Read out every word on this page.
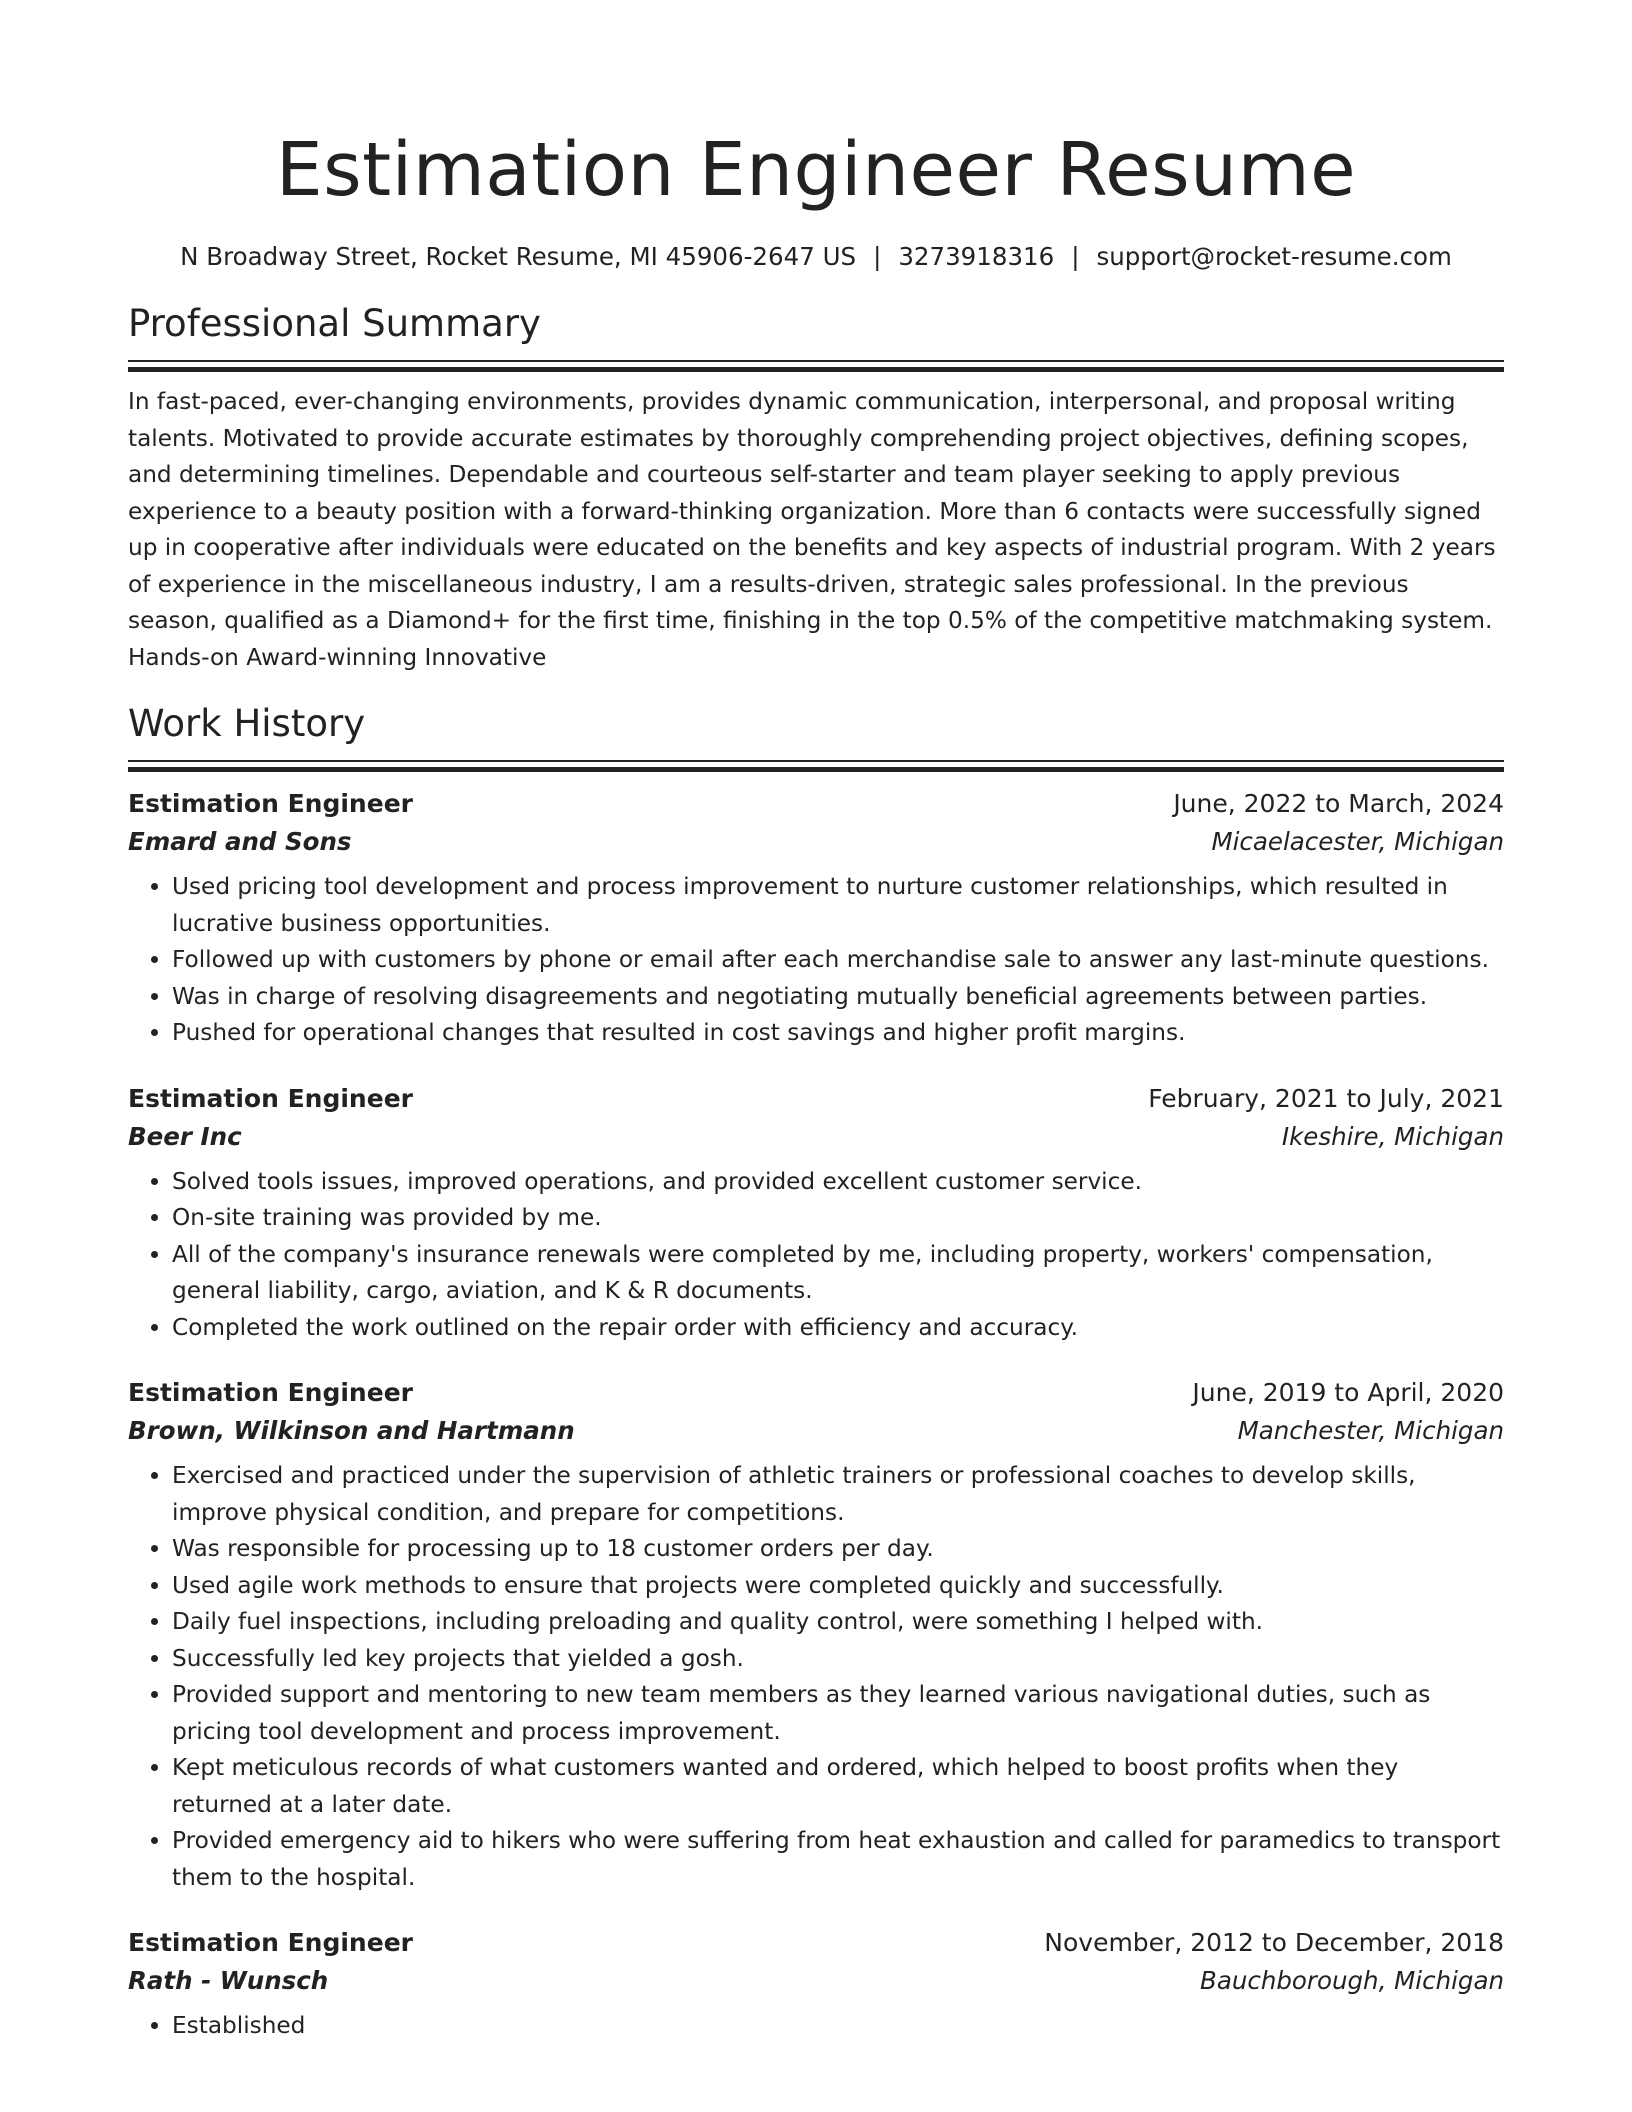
Estimation Engineer Resume
N Broadway Street, Rocket Resume, MI 45906-2647 US | 3273918316 | support@rocket-resume.com
Professional Summary

In fast-paced, ever-changing environments, provides dynamic communication, interpersonal, and proposal writing talents. Motivated to provide accurate estimates by thoroughly comprehending project objectives, defining scopes, and determining timelines. Dependable and courteous self-starter and team player seeking to apply previous experience to a beauty position with a forward-thinking organization. More than 6 contacts were successfully signed up in cooperative after individuals were educated on the benefits and key aspects of industrial program. With 2 years of experience in the miscellaneous industry, I am a results-driven, strategic sales professional. In the previous season, qualified as a Diamond+ for the first time, finishing in the top 0.5% of the competitive matchmaking system. Hands-on Award-winning Innovative

Work History
Estimation Engineer	June, 2022 to March, 2024
Emard and Sons	Micaelacester, Michigan
• Used pricing tool development and process improvement to nurture customer relationships, which resulted in lucrative business opportunities.
• Followed up with customers by phone or email after each merchandise sale to answer any last-minute questions.
• Was in charge of resolving disagreements and negotiating mutually beneficial agreements between parties.
• Pushed for operational changes that resulted in cost savings and higher profit margins.
Estimation Engineer	February, 2021 to July, 2021
Beer Inc	Ikeshire, Michigan
• Solved tools issues, improved operations, and provided excellent customer service.
• On-site training was provided by me.
• All of the company's insurance renewals were completed by me, including property, workers' compensation, general liability, cargo, aviation, and K & R documents.
• Completed the work outlined on the repair order with efficiency and accuracy.
Estimation Engineer	June, 2019 to April, 2020
Brown, Wilkinson and Hartmann	Manchester, Michigan
• Exercised and practiced under the supervision of athletic trainers or professional coaches to develop skills, improve physical condition, and prepare for competitions.
• Was responsible for processing up to 18 customer orders per day.
• Used agile work methods to ensure that projects were completed quickly and successfully.
• Daily fuel inspections, including preloading and quality control, were something I helped with.
• Successfully led key projects that yielded a gosh.
• Provided support and mentoring to new team members as they learned various navigational duties, such as pricing tool development and process improvement.
• Kept meticulous records of what customers wanted and ordered, which helped to boost profits when they returned at a later date.
• Provided emergency aid to hikers who were suffering from heat exhaustion and called for paramedics to transport them to the hospital.
Estimation Engineer	November, 2012 to December, 2018
Rath - Wunsch	Bauchborough, Michigan
• Established
